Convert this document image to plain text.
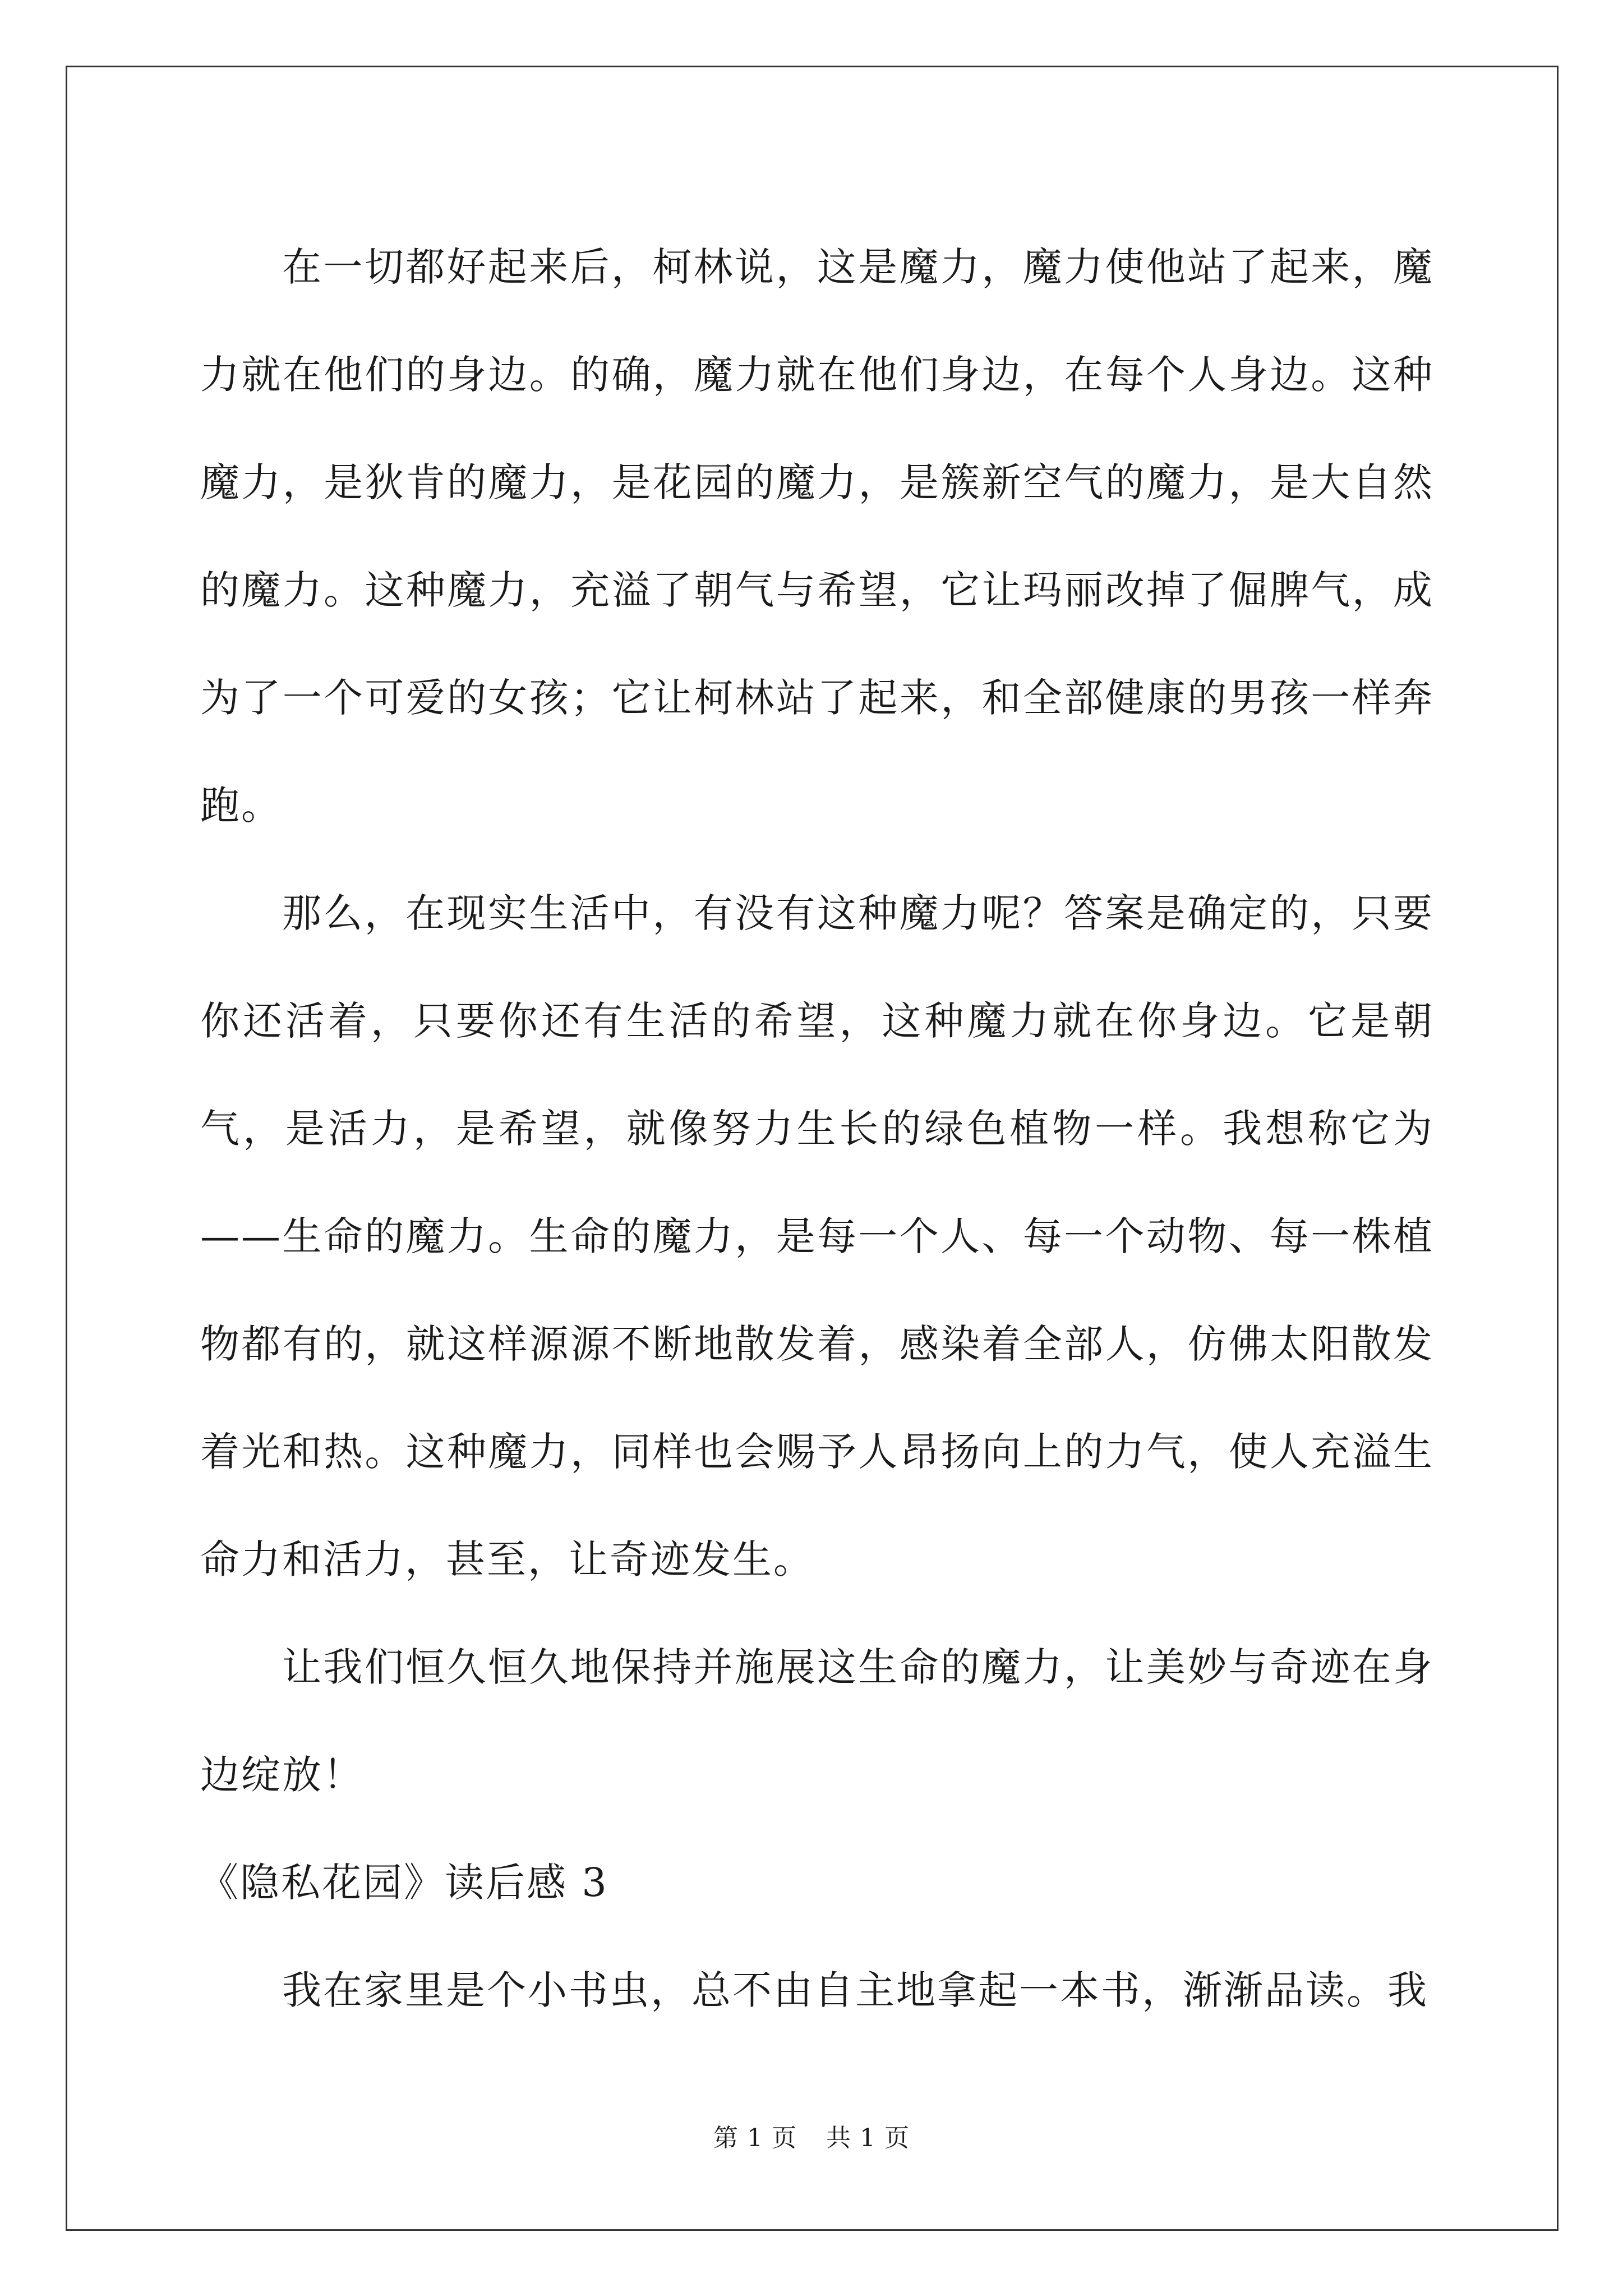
在一切都好起来后，柯林说，这是魔力，魔力使他站了起来，魔力就在他们的身边。的确，魔力就在他们身边，在每个人身边。这种魔力，是狄肯的魔力，是花园的魔力，是簇新空气的魔力，是大自然的魔力。这种魔力，充溢了朝气与希望，它让玛丽改掉了倔脾气，成为了一个可爱的女孩；它让柯林站了起来，和全部健康的男孩一样奔跑。

那么，在现实生活中，有没有这种魔力呢？答案是确定的，只要你还活着，只要你还有生活的希望，这种魔力就在你身边。它是朝气，是活力，是希望，就像努力生长的绿色植物一样。我想称它为 ——生命的魔力。生命的魔力，是每一个人、每一个动物、每一株植物都有的，就这样源源不断地散发着，感染着全部人，仿佛太阳散发着光和热。这种魔力，同样也会赐予人昂扬向上的力气，使人充溢生命力和活力，甚至，让奇迹发生。

让我们恒久恒久地保持并施展这生命的魔力，让美妙与奇迹在身边绽放！

《隐私花园》读后感 3

我在家里是个小书虫，总不由自主地拿起一本书，渐渐品读。我

第 1 页 共 1 页
